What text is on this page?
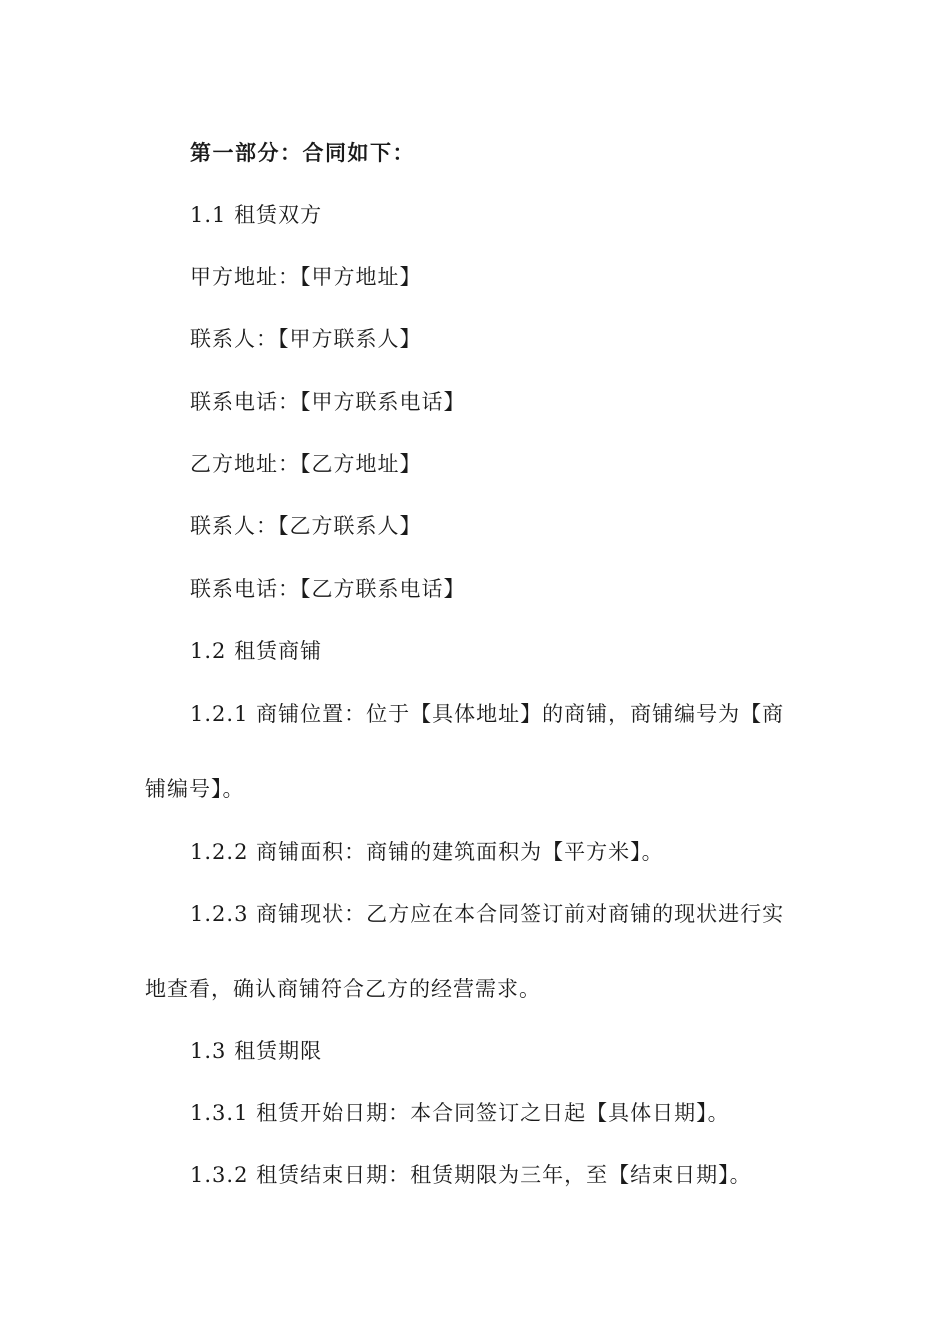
第一部分：合同如下：
1.1 租赁双方
甲方地址：【甲方地址】
联系人：【甲方联系人】
联系电话：【甲方联系电话】
乙方地址：【乙方地址】
联系人：【乙方联系人】
联系电话：【乙方联系电话】
1.2 租赁商铺
1.2.1 商铺位置：位于【具体地址】的商铺，商铺编号为【商
铺编号】。
1.2.2 商铺面积：商铺的建筑面积为【平方米】。
1.2.3 商铺现状：乙方应在本合同签订前对商铺的现状进行实
地查看，确认商铺符合乙方的经营需求。
1.3 租赁期限
1.3.1 租赁开始日期：本合同签订之日起【具体日期】。
1.3.2 租赁结束日期：租赁期限为三年，至【结束日期】。
